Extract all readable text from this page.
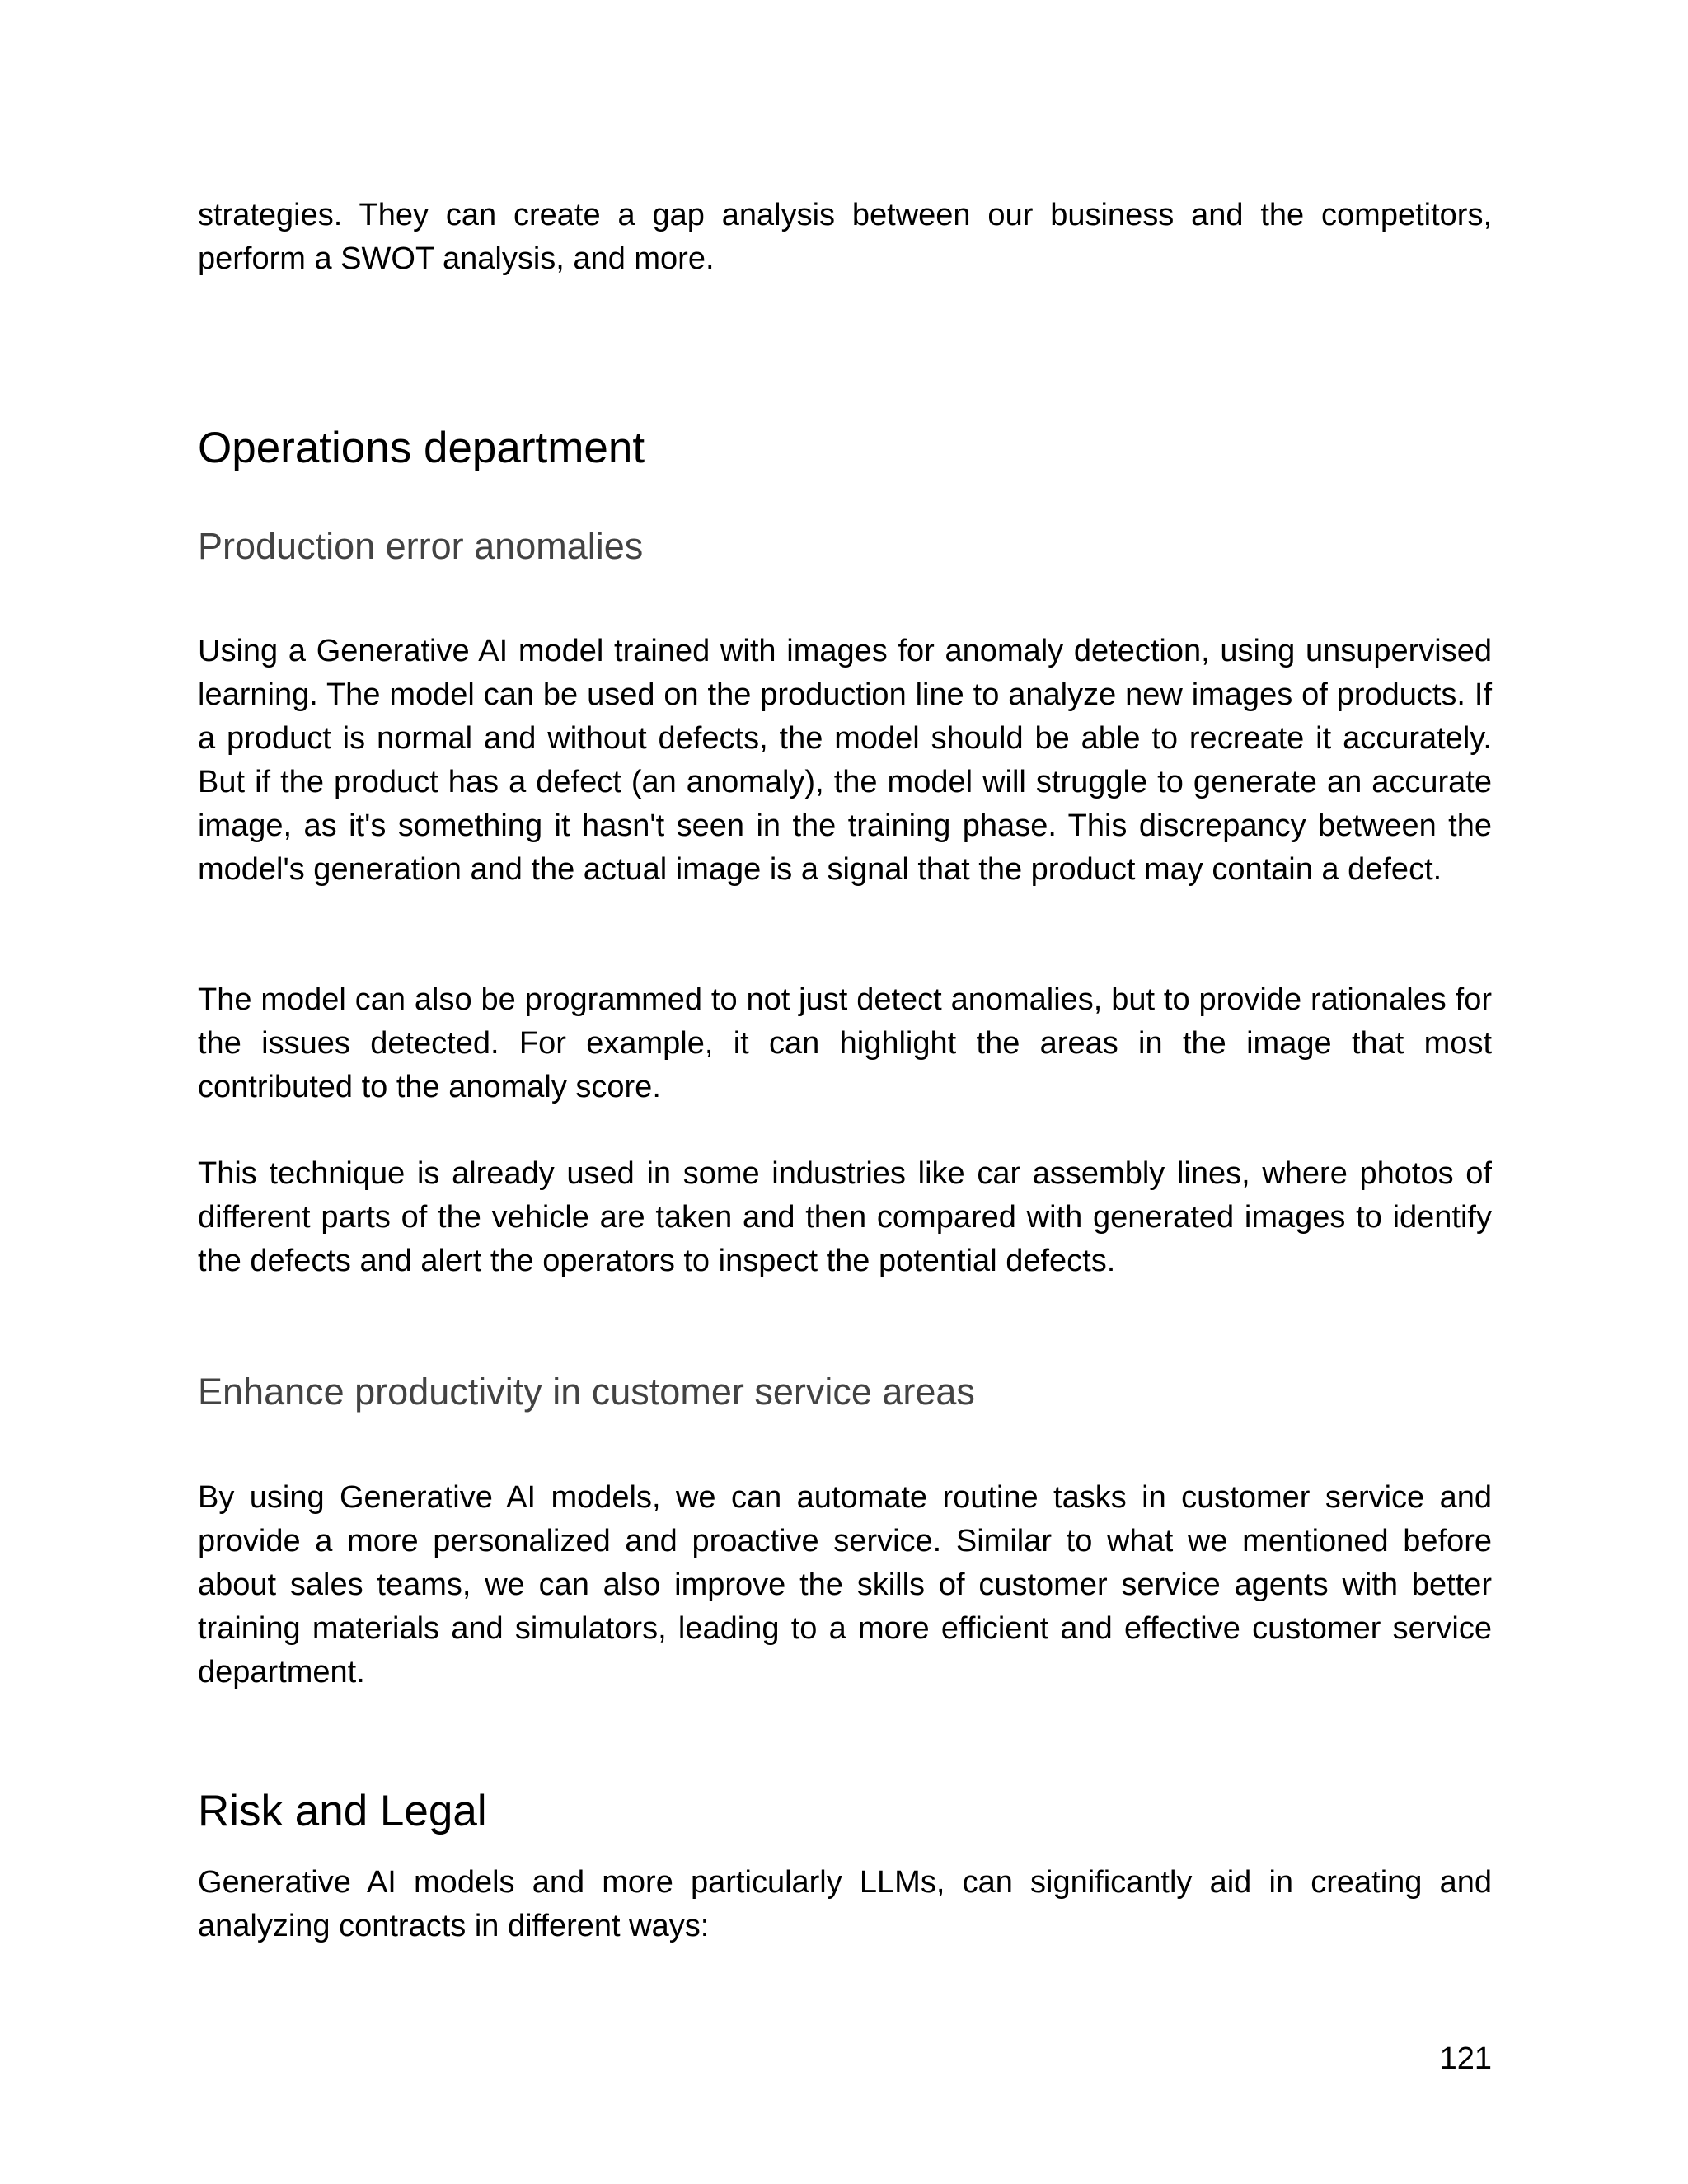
strategies. They can create a gap analysis between our business and the competitors, perform a SWOT analysis, and more.

Operations department
Production error anomalies

Using a Generative AI model trained with images for anomaly detection, using unsupervised learning. The model can be used on the production line to analyze new images of products. If a product is normal and without defects, the model should be able to recreate it accurately. But if the product has a defect (an anomaly), the model will struggle to generate an accurate image, as it's something it hasn't seen in the training phase. This discrepancy between the model's generation and the actual image is a signal that the product may contain a defect.

The model can also be programmed to not just detect anomalies, but to provide rationales for the issues detected. For example, it can highlight the areas in the image that most contributed to the anomaly score.

This technique is already used in some industries like car assembly lines, where photos of different parts of the vehicle are taken and then compared with generated images to identify the defects and alert the operators to inspect the potential defects.

Enhance productivity in customer service areas

By using Generative AI models, we can automate routine tasks in customer service and provide a more personalized and proactive service. Similar to what we mentioned before about sales teams, we can also improve the skills of customer service agents with better training materials and simulators, leading to a more efficient and effective customer service department.

Risk and Legal

Generative AI models and more particularly LLMs, can significantly aid in creating and analyzing contracts in different ways:

121
